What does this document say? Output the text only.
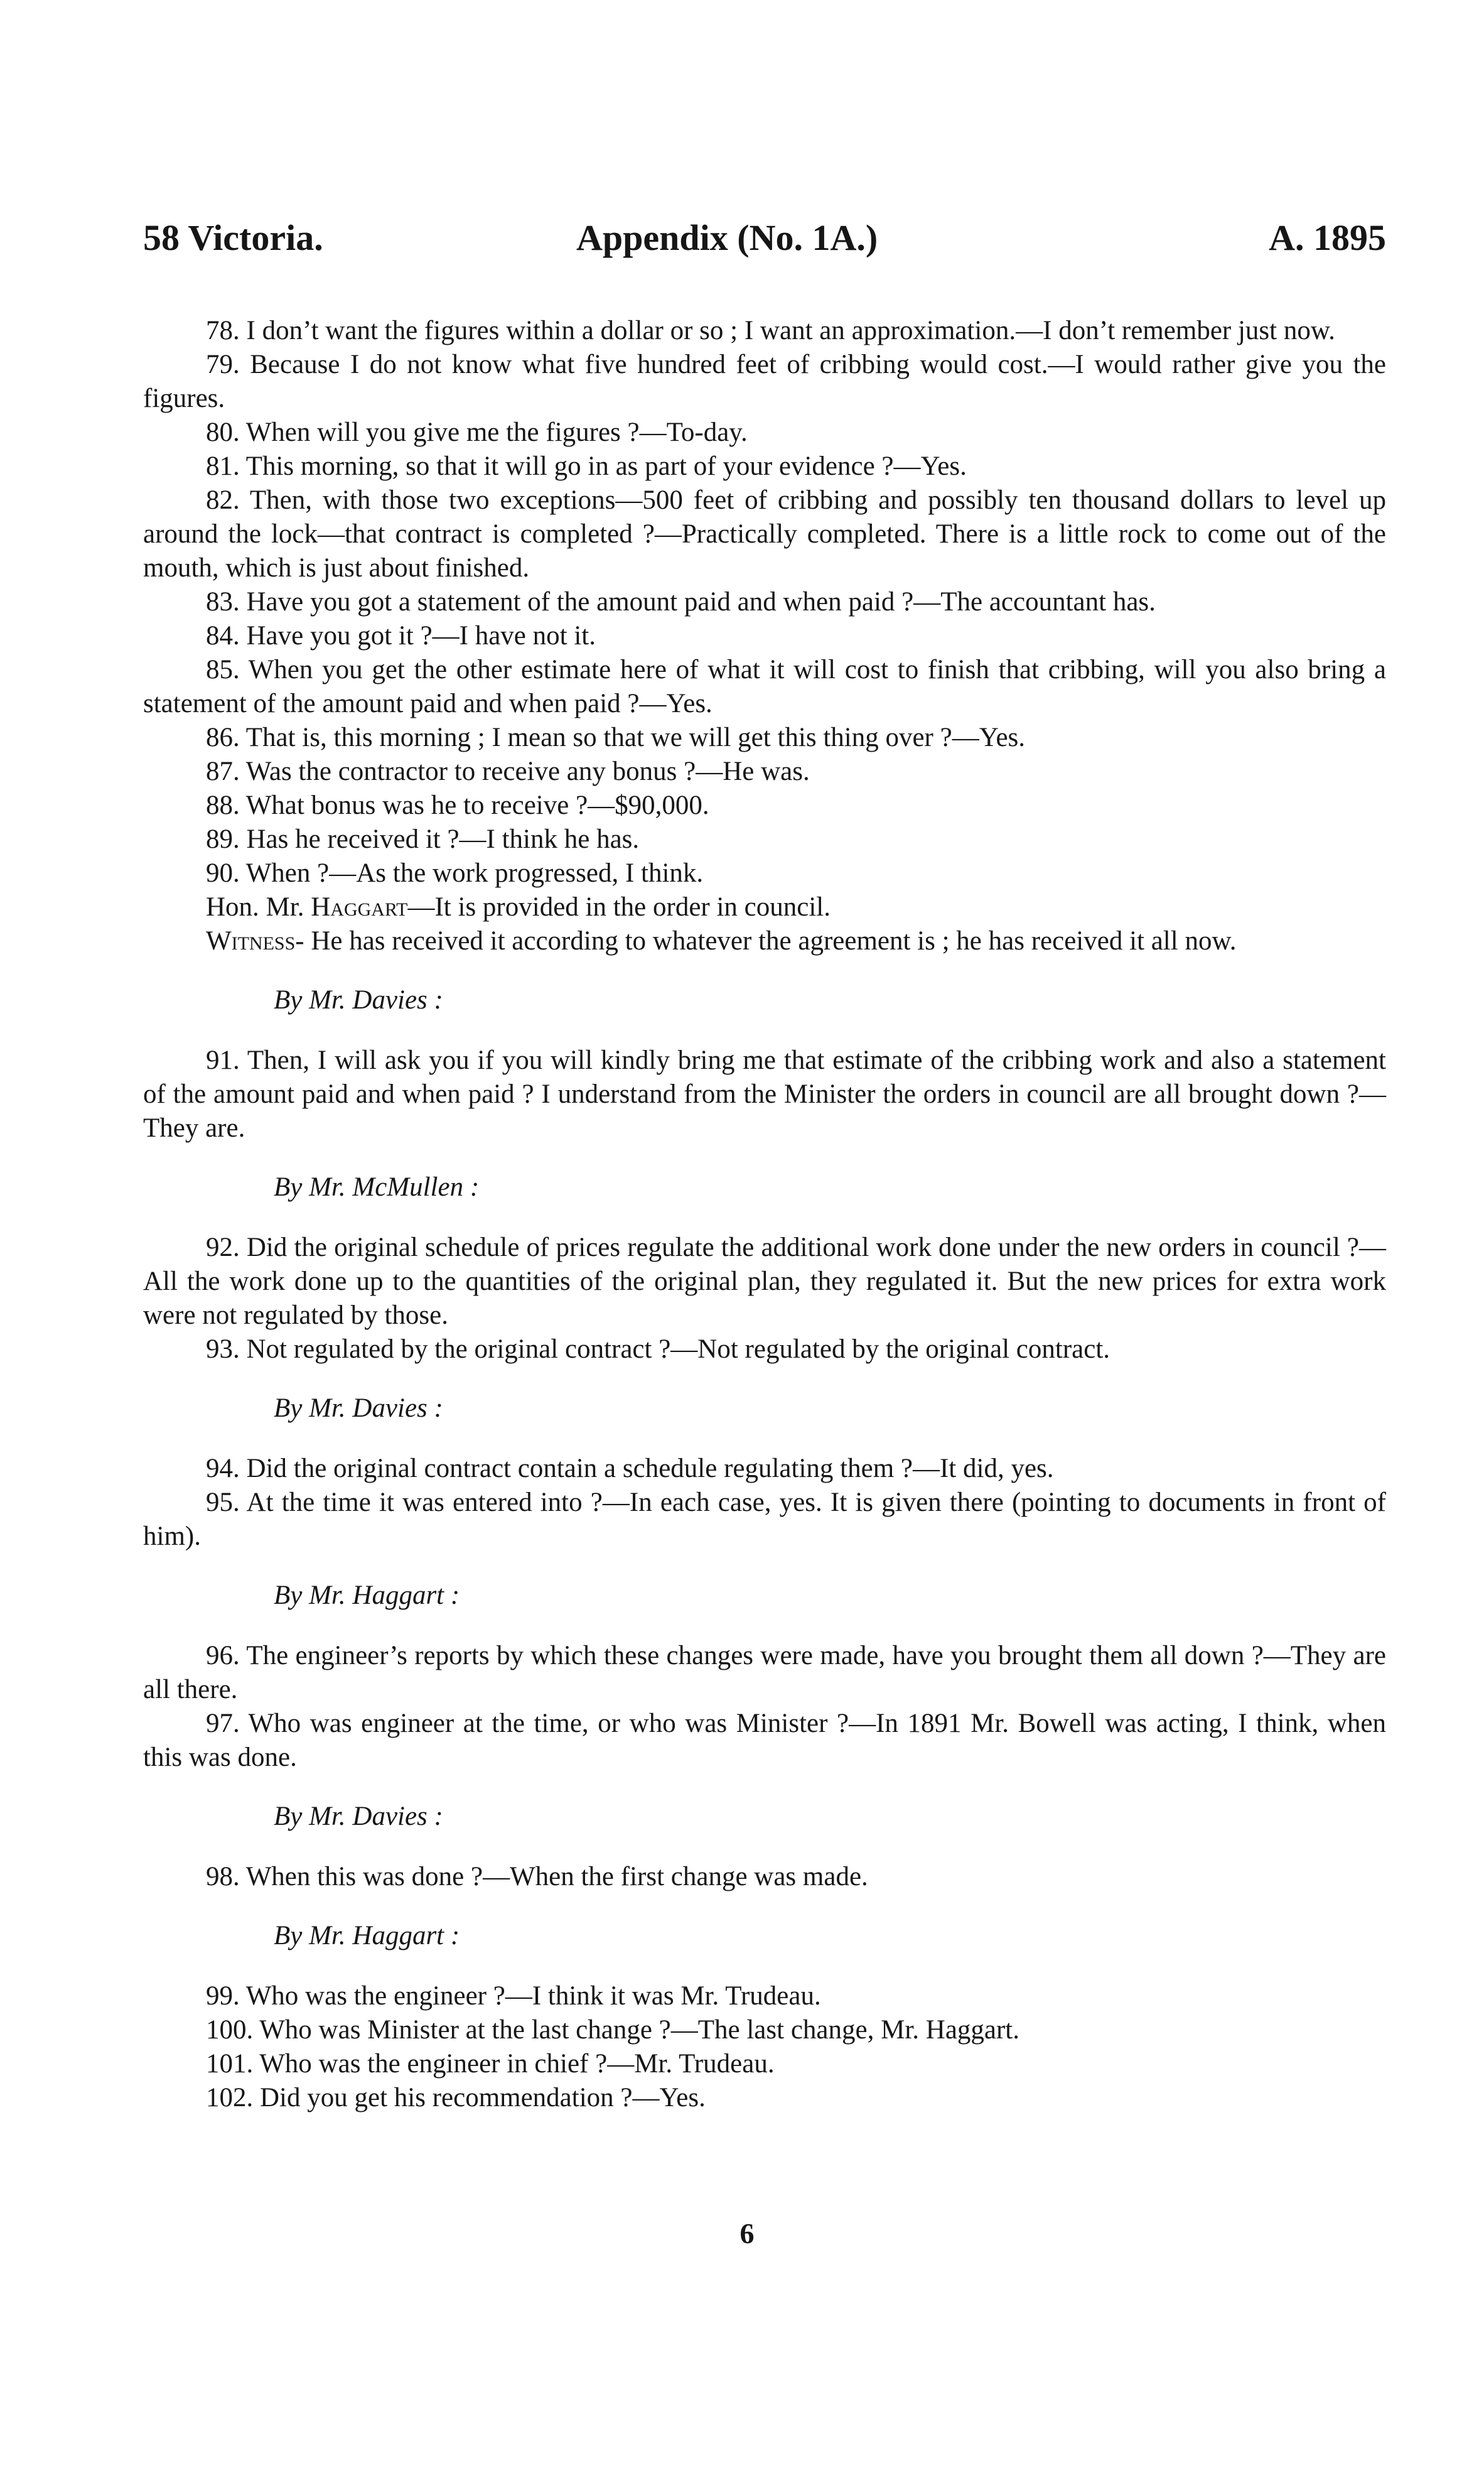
58 Victoria.	Appendix (No. 1A.)	A. 1895

78. I don’t want the figures within a dollar or so ; I want an approximation.—I don’t remember just now.

79. Because I do not know what five hundred feet of cribbing would cost.—I would rather give you the figures.

80. When will you give me the figures ?—To-day.

81. This morning, so that it will go in as part of your evidence ?—Yes.

82. Then, with those two exceptions—500 feet of cribbing and possibly ten thousand dollars to level up around the lock—that contract is completed ?—Practically completed. There is a little rock to come out of the mouth, which is just about finished.

83. Have you got a statement of the amount paid and when paid ?—The accountant has.

84. Have you got it ?—I have not it.

85. When you get the other estimate here of what it will cost to finish that cribbing, will you also bring a statement of the amount paid and when paid ?—Yes.

86. That is, this morning ; I mean so that we will get this thing over ?—Yes.

87. Was the contractor to receive any bonus ?—He was.

88. What bonus was he to receive ?—$90,000.

89. Has he received it ?—I think he has.

90. When ?—As the work progressed, I think.

Hon. Mr. Haggart—It is provided in the order in council.

Witness- He has received it according to whatever the agreement is ; he has received it all now.

By Mr. Davies :

91. Then, I will ask you if you will kindly bring me that estimate of the cribbing work and also a statement of the amount paid and when paid ? I understand from the Minister the orders in council are all brought down ?—They are.

By Mr. McMullen :

92. Did the original schedule of prices regulate the additional work done under the new orders in council ?—All the work done up to the quantities of the original plan, they regulated it. But the new prices for extra work were not regulated by those.

93. Not regulated by the original contract ?—Not regulated by the original contract.

By Mr. Davies :

94. Did the original contract contain a schedule regulating them ?—It did, yes.

95. At the time it was entered into ?—In each case, yes. It is given there (pointing to documents in front of him).

By Mr. Haggart :

96. The engineer’s reports by which these changes were made, have you brought them all down ?—They are all there.

97. Who was engineer at the time, or who was Minister ?—In 1891 Mr. Bowell was acting, I think, when this was done.

By Mr. Davies :

98. When this was done ?—When the first change was made.

By Mr. Haggart :

99. Who was the engineer ?—I think it was Mr. Trudeau.

100. Who was Minister at the last change ?—The last change, Mr. Haggart.

101. Who was the engineer in chief ?—Mr. Trudeau.

102. Did you get his recommendation ?—Yes.

6
